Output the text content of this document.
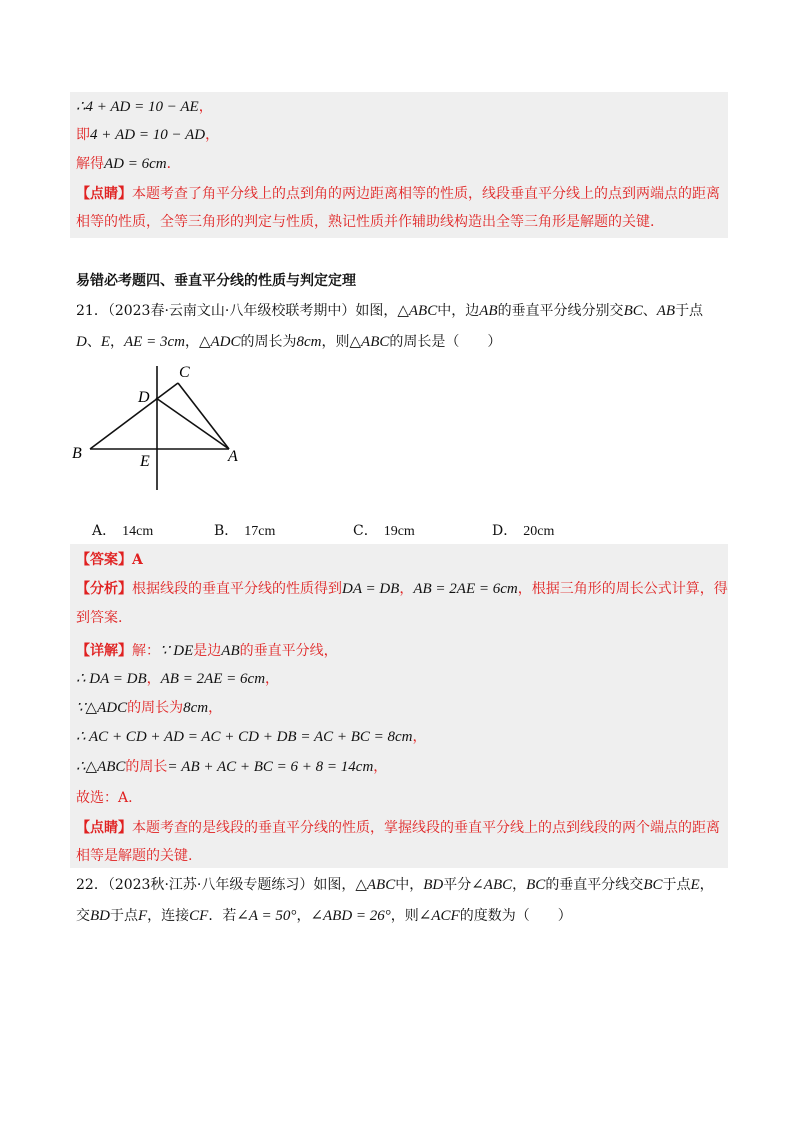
∴4 + AD = 10 − AE，
即4 + AD = 10 − AD，
解得AD = 6cm．
【点睛】本题考查了角平分线上的点到角的两边距离相等的性质，线段垂直平分线上的点到两端点的距离
相等的性质，全等三角形的判定与性质，熟记性质并作辅助线构造出全等三角形是解题的关键.
易错必考题四、垂直平分线的性质与判定定理
21．（2023春·云南文山·八年级校联考期中）如图，△ABC中，边AB的垂直平分线分别交BC、AB于点
D、E，AE = 3cm，△ADC的周长为8cm，则△ABC的周长是（　　）
C
D
B	E	A
A． 14cm	B． 17cm	C． 19cm	D． 20cm
【答案】A
【分析】根据线段的垂直平分线的性质得到DA = DB，AB = 2AE = 6cm，根据三角形的周长公式计算，得
到答案.
【详解】解：∵ DE是边AB的垂直平分线，
∴ DA = DB，AB = 2AE = 6cm，
∵△ADC的周长为8cm，
∴ AC + CD + AD = AC + CD + DB = AC + BC = 8cm，
∴△ABC的周长= AB + AC + BC = 6 + 8 = 14cm，
故选：A.
【点睛】本题考查的是线段的垂直平分线的性质，掌握线段的垂直平分线上的点到线段的两个端点的距离
相等是解题的关键.
22．（2023秋·江苏·八年级专题练习）如图，△ABC中，BD平分∠ABC，BC的垂直平分线交BC于点E，
交BD于点F，连接CF．若∠A = 50°，∠ABD = 26°，则∠ACF的度数为（　　）
